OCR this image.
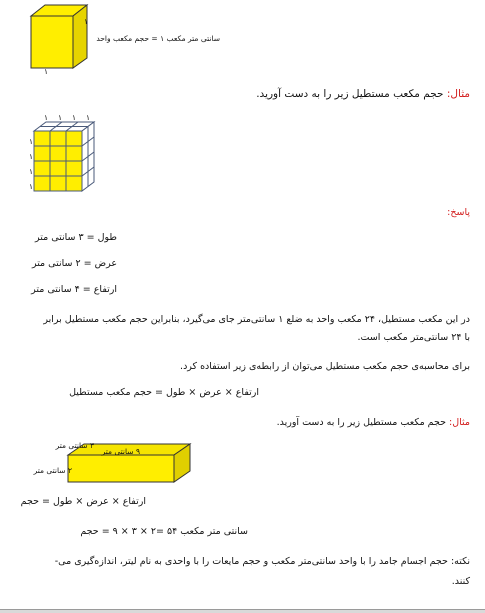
۱
۱
سانتی متر مکعب ۱ = حجم مکعب واحد
مثال: حجم مکعب مستطیل زیر را به دست آورید.
۱ ۱ ۱ ۱
۱
۱
۱
۱
پاسخ:
طول = ۳ سانتی متر
عرض = ۲ سانتی متر
ارتفاع = ۴ سانتی متر
در این مکعب مستطیل، ۲۴ مکعب واحد به ضلع ۱ سانتی‌متر جای می‌گیرد، بنابراین حجم مکعب مستطیل برابر
با ۲۴ سانتی‌متر مکعب است.
برای محاسبه‌ی حجم مکعب مستطیل می‌توان از رابطه‌ی زیر استفاده کرد.
ارتفاع × عرض × طول = حجم مکعب مستطیل
مثال: حجم مکعب مستطیل زیر را به دست آورید.
۹ سانتی متر
۳ سانتی متر
۲ سانتی متر
ارتفاع × عرض × طول = حجم
سانتی متر مکعب ۵۴ =۲ × ۳ × ۹ = حجم
نکته: حجم اجسام جامد را با واحد سانتی‌متر مکعب و حجم مایعات را با واحدی به نام لیتر، اندازه‌گیری می-
کنند.
